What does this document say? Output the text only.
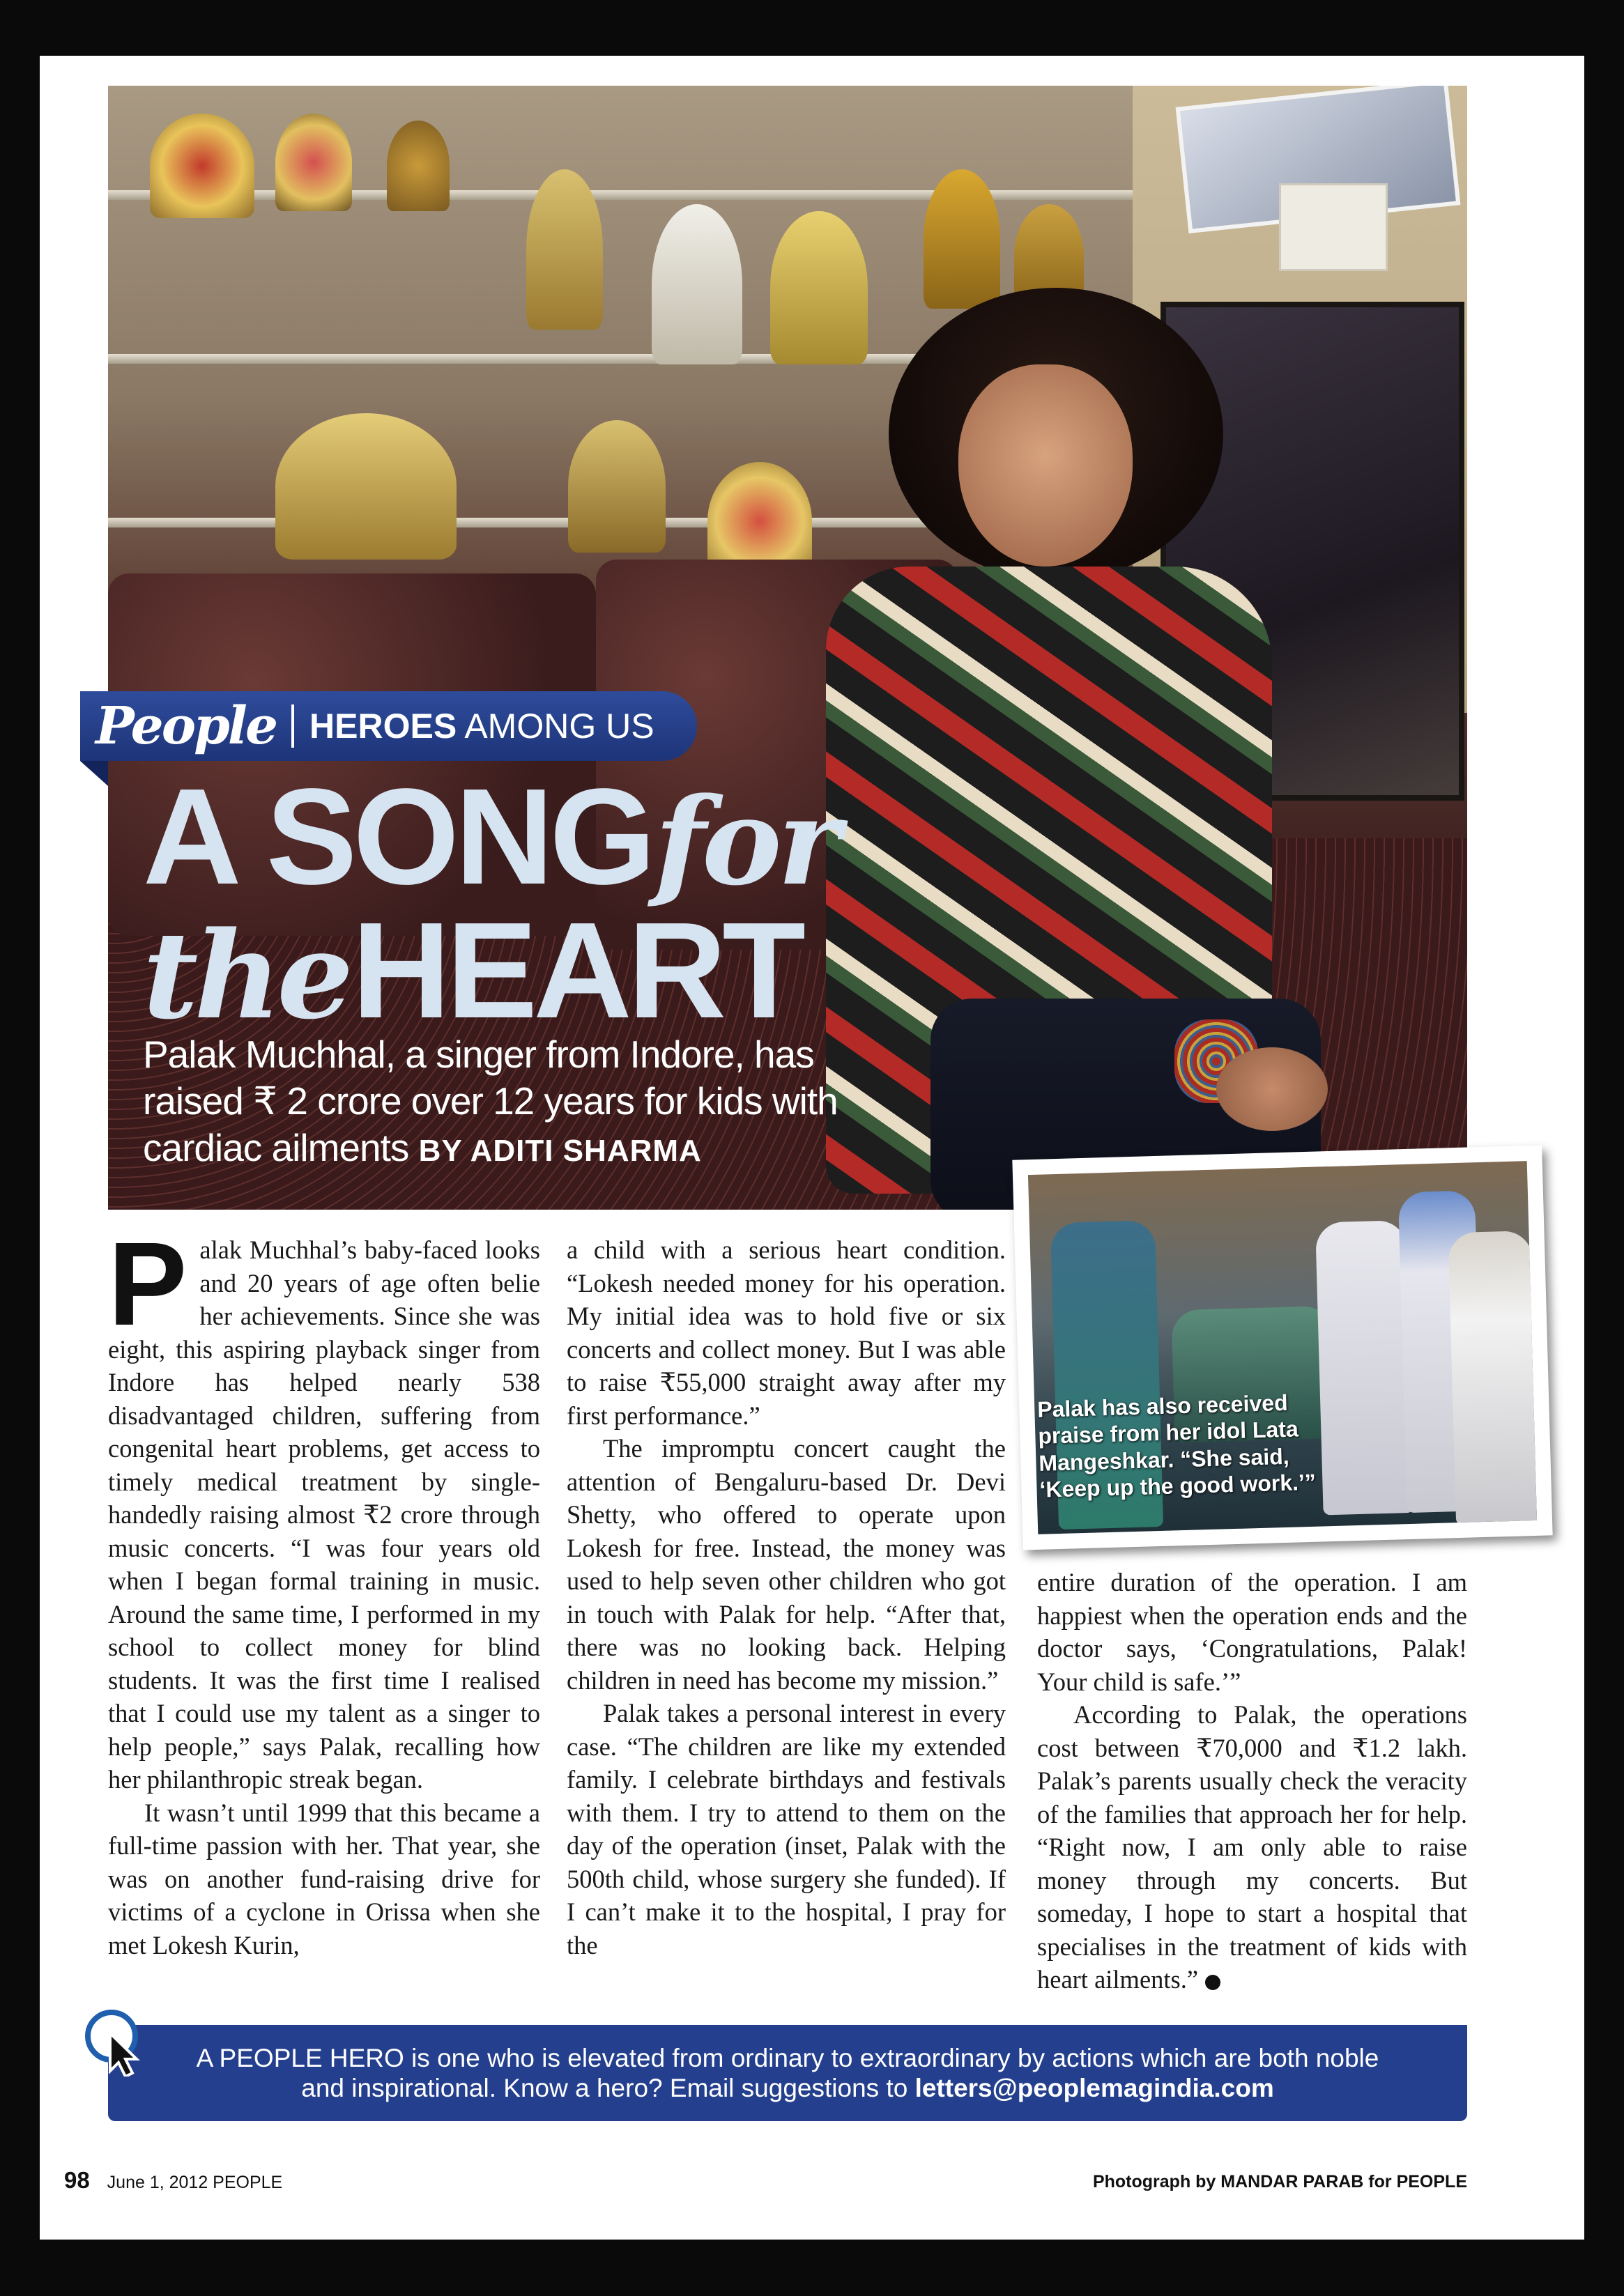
People HEROES AMONG US
A SONG for
the HEART
Palak Muchhal, a singer from Indore, has raised ₹ 2 crore over 12 years for kids with cardiac ailments BY ADITI SHARMA
Palak has also received praise from her idol Lata Mangeshkar. “She said, ‘Keep up the good work.’”

Palak Muchhal’s baby-faced looks and 20 years of age often belie her achievements. Since she was eight, this aspiring playback singer from Indore has helped nearly 538 disadvantaged children, suffering from congenital heart problems, get access to timely medical treatment by single-handedly raising almost ₹2 crore through music concerts. “I was four years old when I began formal training in music. Around the same time, I performed in my school to collect money for blind students. It was the first time I realised that I could use my talent as a singer to help people,” says Palak, recalling how her philanthropic streak began.

It wasn’t until 1999 that this became a full-time passion with her. That year, she was on another fund-raising drive for victims of a cyclone in Orissa when she met Lokesh Kurin,

a child with a serious heart condition. “Lokesh needed money for his operation. My initial idea was to hold five or six concerts and collect money. But I was able to raise ₹55,000 straight away after my first performance.”

The impromptu concert caught the attention of Bengaluru-based Dr. Devi Shetty, who offered to operate upon Lokesh for free. Instead, the money was used to help seven other children who got in touch with Palak for help. “After that, there was no looking back. Helping children in need has become my mission.”

Palak takes a personal interest in every case. “The children are like my extended family. I celebrate birthdays and festivals with them. I try to attend to them on the day of the operation (inset, Palak with the 500th child, whose surgery she funded). If I can’t make it to the hospital, I pray for the

entire duration of the operation. I am happiest when the operation ends and the doctor says, ‘Congratulations, Palak! Your child is safe.’”

According to Palak, the operations cost between ₹70,000 and ₹1.2 lakh. Palak’s parents usually check the veracity of the families that approach her for help. “Right now, I am only able to raise money through my concerts. But someday, I hope to start a hospital that specialises in the treatment of kids with heart ailments.”

A PEOPLE HERO is one who is elevated from ordinary to extraordinary by actions which are both noble
and inspirational. Know a hero? Email suggestions to letters@peoplemagindia.com
98 June 1, 2012 PEOPLE	Photograph by MANDAR PARAB for PEOPLE
